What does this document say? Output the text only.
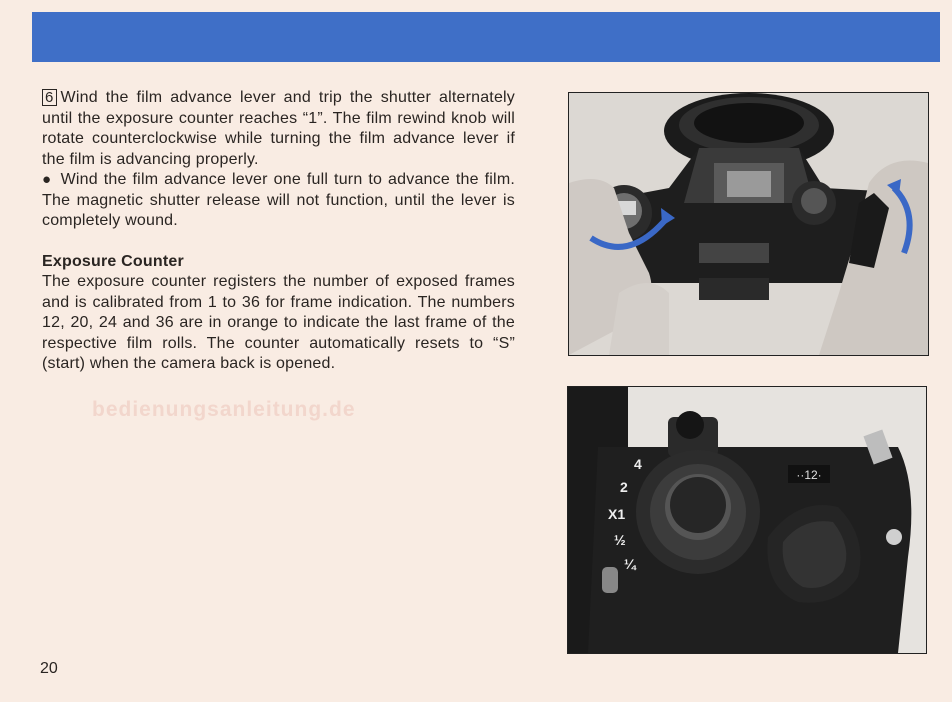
6 Wind the film advance lever and trip the shutter alternately until the exposure counter reaches “1”. The film rewind knob will rotate counterclockwise while turning the film advance lever if the film is advancing properly.

● Wind the film advance lever one full turn to advance the film. The magnetic shutter release will not function, until the lever is completely wound.

Exposure Counter

The exposure counter registers the number of exposed frames and is calibrated from 1 to 36 for frame indication. The numbers 12, 20, 24 and 36 are in orange to indicate the last frame of the respective film rolls. The counter automatically resets to “S” (start) when the camera back is opened.

bedienungsanleitung.de
20
··12·
4
2
X1
½
¼
